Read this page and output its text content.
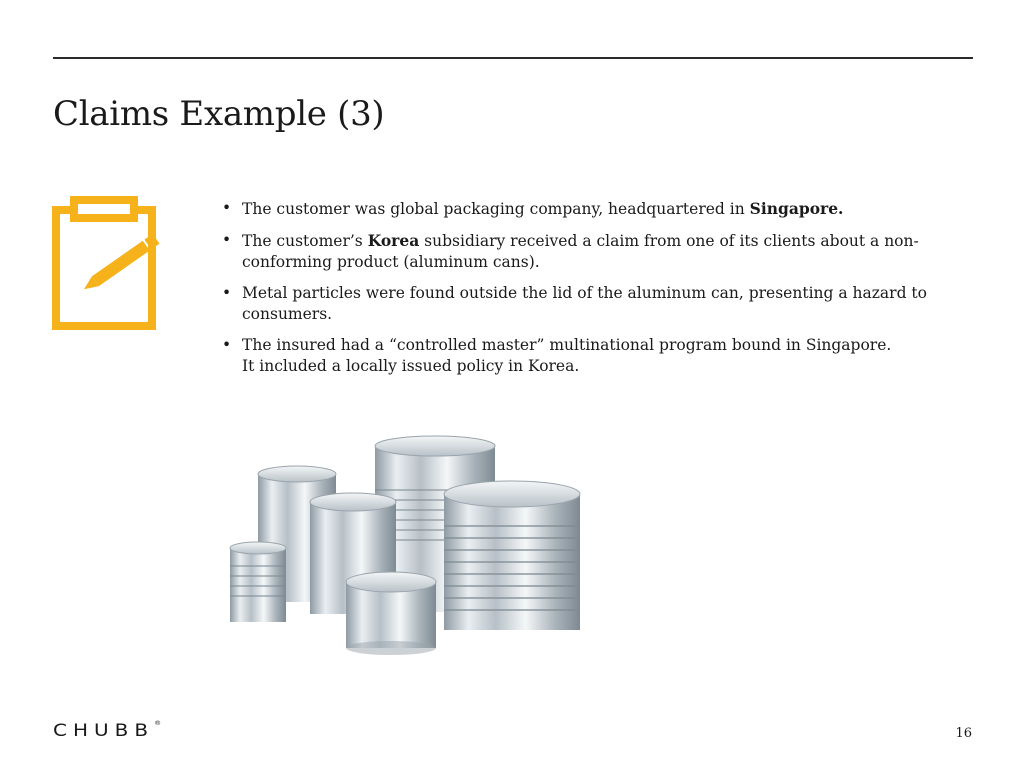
Claims Example (3)
• The customer was global packaging company, headquartered in Singapore.
• The customer’s Korea subsidiary received a claim from one of its clients about a non-conforming product (aluminum cans).
• Metal particles were found outside the lid of the aluminum can, presenting a hazard to consumers.
• The insured had a “controlled master” multinational program bound in Singapore.
It included a locally issued policy in Korea.
CHUBB®
16
